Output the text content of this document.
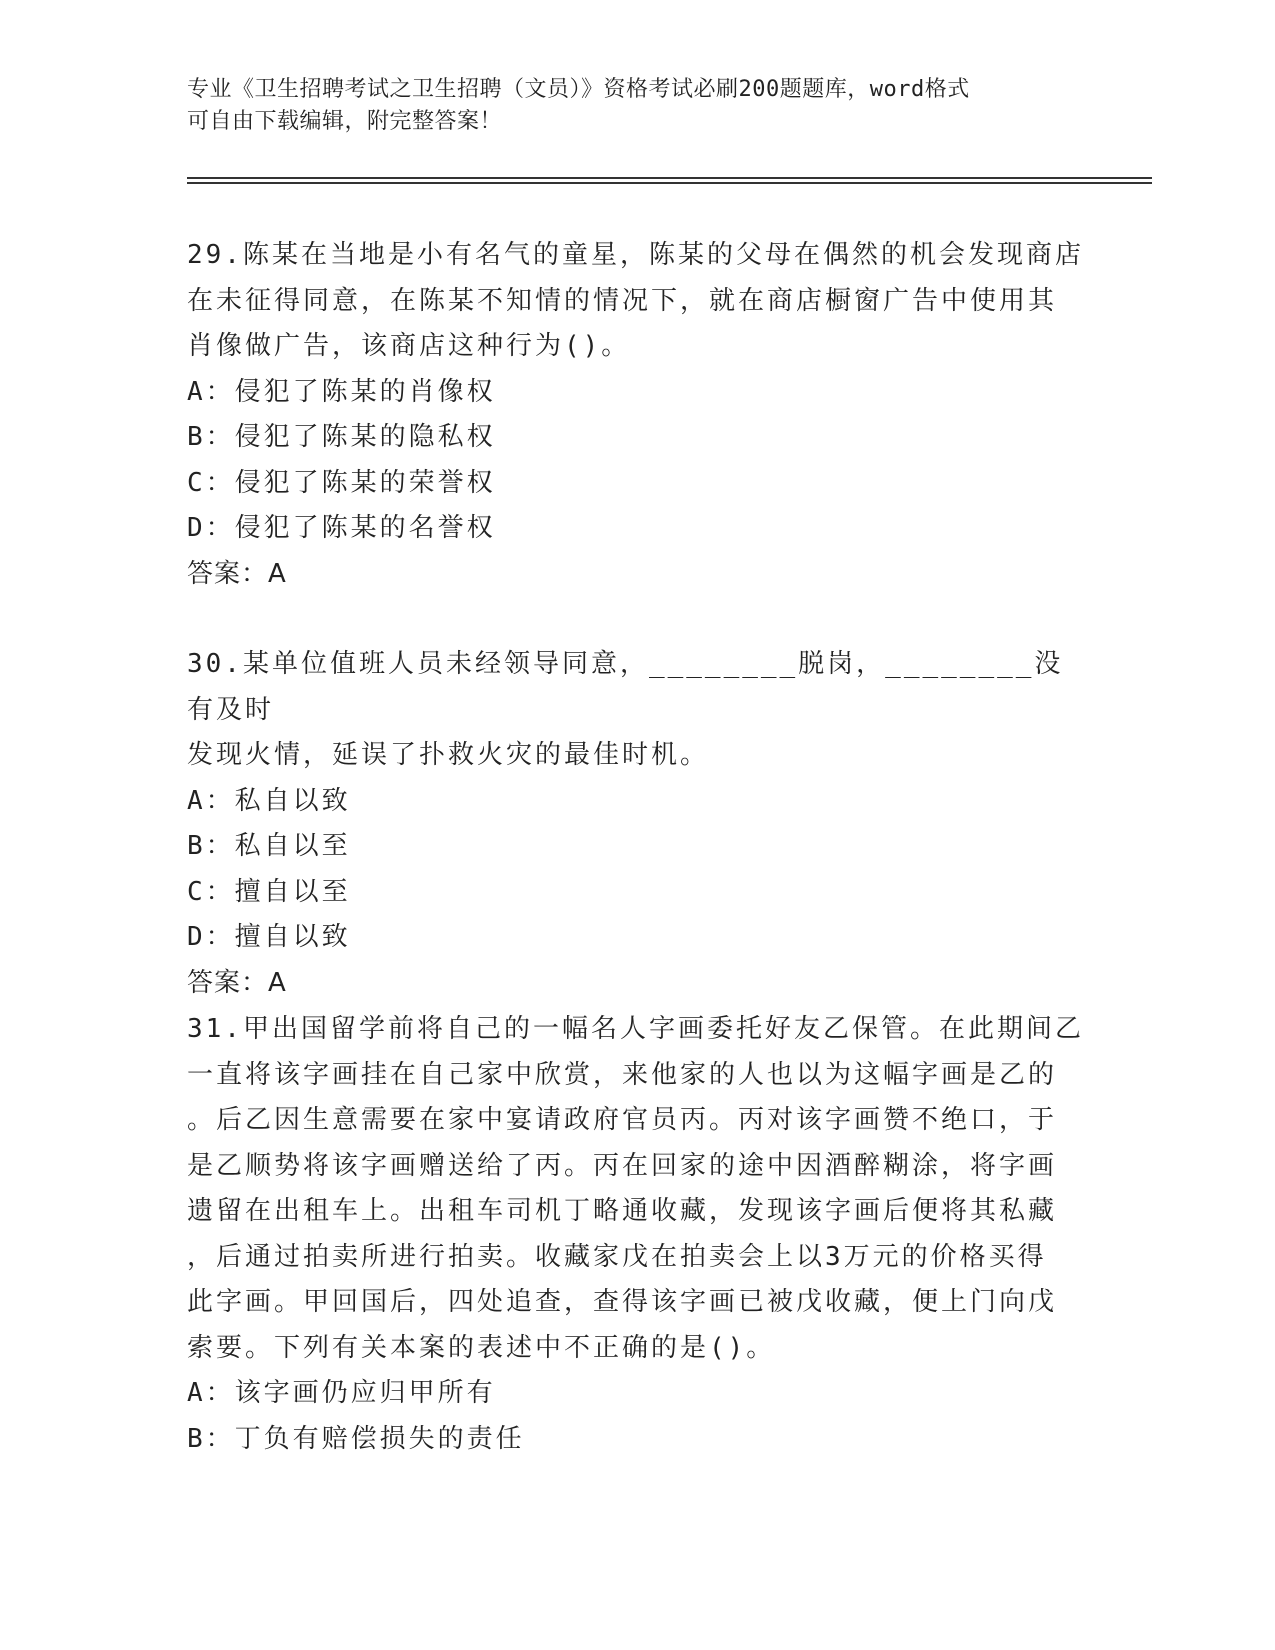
专业《卫生招聘考试之卫生招聘（文员）》资格考试必刷200题题库，word格式
可自由下载编辑，附完整答案！
29.陈某在当地是小有名气的童星，陈某的父母在偶然的机会发现商店
在未征得同意，在陈某不知情的情况下，就在商店橱窗广告中使用其
肖像做广告，该商店这种行为()。
A：侵犯了陈某的肖像权
B：侵犯了陈某的隐私权
C：侵犯了陈某的荣誉权
D：侵犯了陈某的名誉权
答案：A
30.某单位值班人员未经领导同意，________脱岗，________没有及时
发现火情，延误了扑救火灾的最佳时机。
A：私自以致
B：私自以至
C：擅自以至
D：擅自以致
答案：A
31.甲出国留学前将自己的一幅名人字画委托好友乙保管。在此期间乙
一直将该字画挂在自己家中欣赏，来他家的人也以为这幅字画是乙的
。后乙因生意需要在家中宴请政府官员丙。丙对该字画赞不绝口，于
是乙顺势将该字画赠送给了丙。丙在回家的途中因酒醉糊涂，将字画
遗留在出租车上。出租车司机丁略通收藏，发现该字画后便将其私藏
，后通过拍卖所进行拍卖。收藏家戊在拍卖会上以3万元的价格买得
此字画。甲回国后，四处追查，查得该字画已被戊收藏，便上门向戊
索要。下列有关本案的表述中不正确的是()。
A：该字画仍应归甲所有
B：丁负有赔偿损失的责任
